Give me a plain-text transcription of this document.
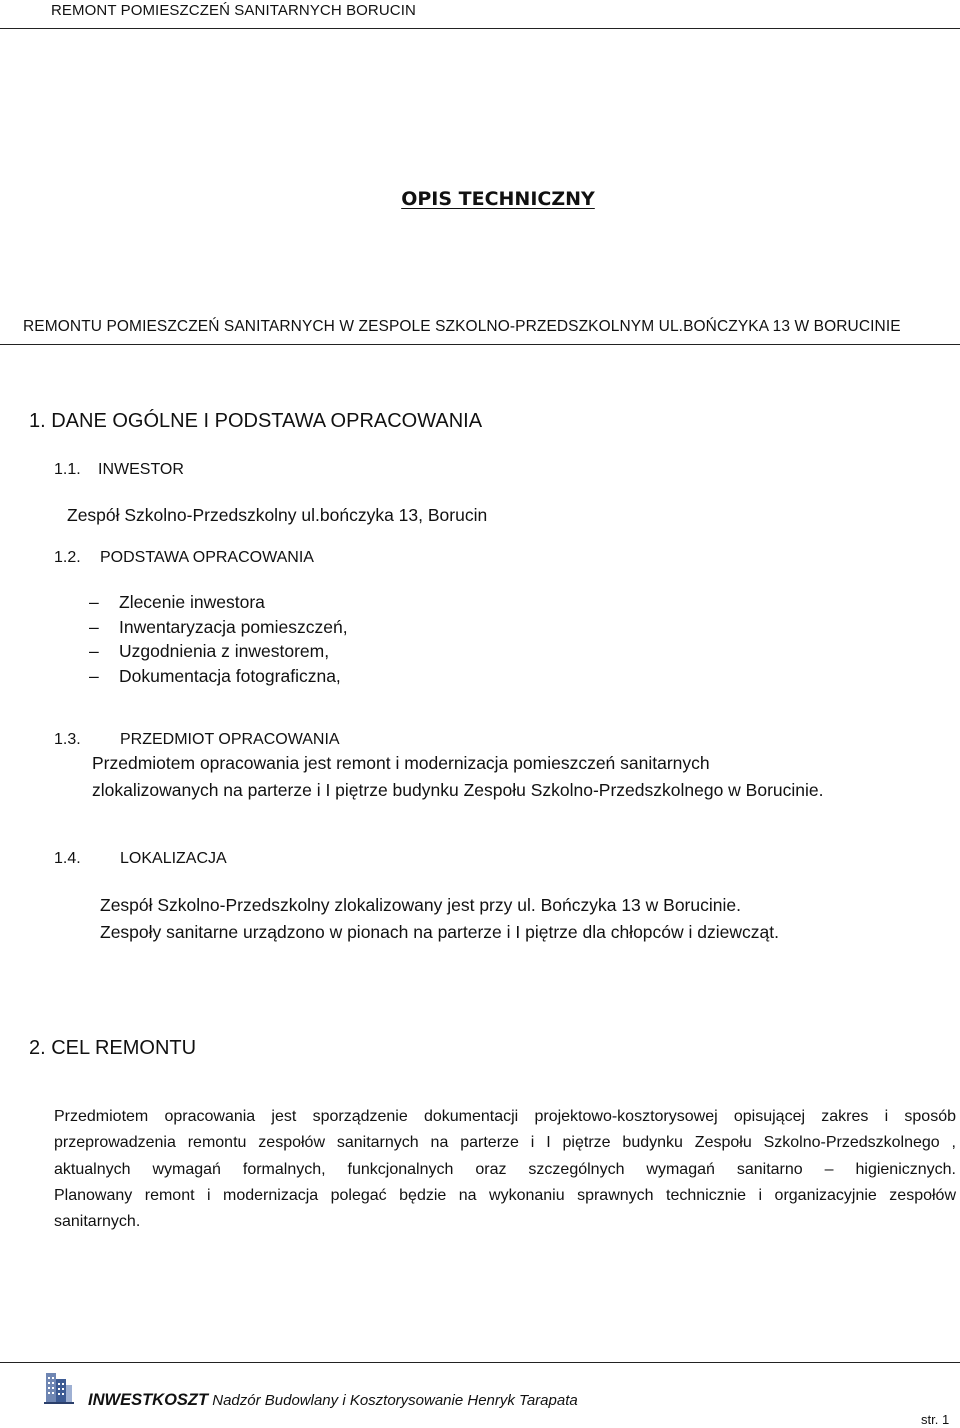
REMONT POMIESZCZEŃ SANITARNYCH BORUCIN
OPIS TECHNICZNY
REMONTU POMIESZCZEŃ SANITARNYCH W ZESPOLE SZKOLNO-PRZEDSZKOLNYM UL.BOŃCZYKA 13 W BORUCINIE
1. DANE OGÓLNE I PODSTAWA OPRACOWANIA
1.1. INWESTOR
Zespół Szkolno-Przedszkolny ul.bończyka 13, Borucin
1.2. PODSTAWA OPRACOWANIA
– Zlecenie inwestora
– Inwentaryzacja pomieszczeń,
– Uzgodnienia z inwestorem,
– Dokumentacja fotograficzna,
1.3. PRZEDMIOT OPRACOWANIA
Przedmiotem opracowania jest remont i modernizacja pomieszczeń sanitarnych
zlokalizowanych na parterze i I piętrze budynku Zespołu Szkolno-Przedszkolnego w Borucinie.
1.4. LOKALIZACJA
Zespół Szkolno-Przedszkolny zlokalizowany jest przy ul. Bończyka 13 w Borucinie.
Zespoły sanitarne urządzono w pionach na parterze i I piętrze dla chłopców i dziewcząt.
2. CEL REMONTU
Przedmiotem opracowania jest sporządzenie dokumentacji projektowo-kosztorysowej opisującej zakres i sposób
przeprowadzenia remontu zespołów sanitarnych na parterze i I piętrze budynku Zespołu Szkolno-Przedszkolnego ,
aktualnych wymagań formalnych, funkcjonalnych oraz szczególnych wymagań sanitarno – higienicznych.
Planowany remont i modernizacja polegać będzie na wykonaniu sprawnych technicznie i organizacyjnie zespołów
sanitarnych.
INWESTKOSZT Nadzór Budowlany i Kosztorysowanie Henryk Tarapata
str. 1
